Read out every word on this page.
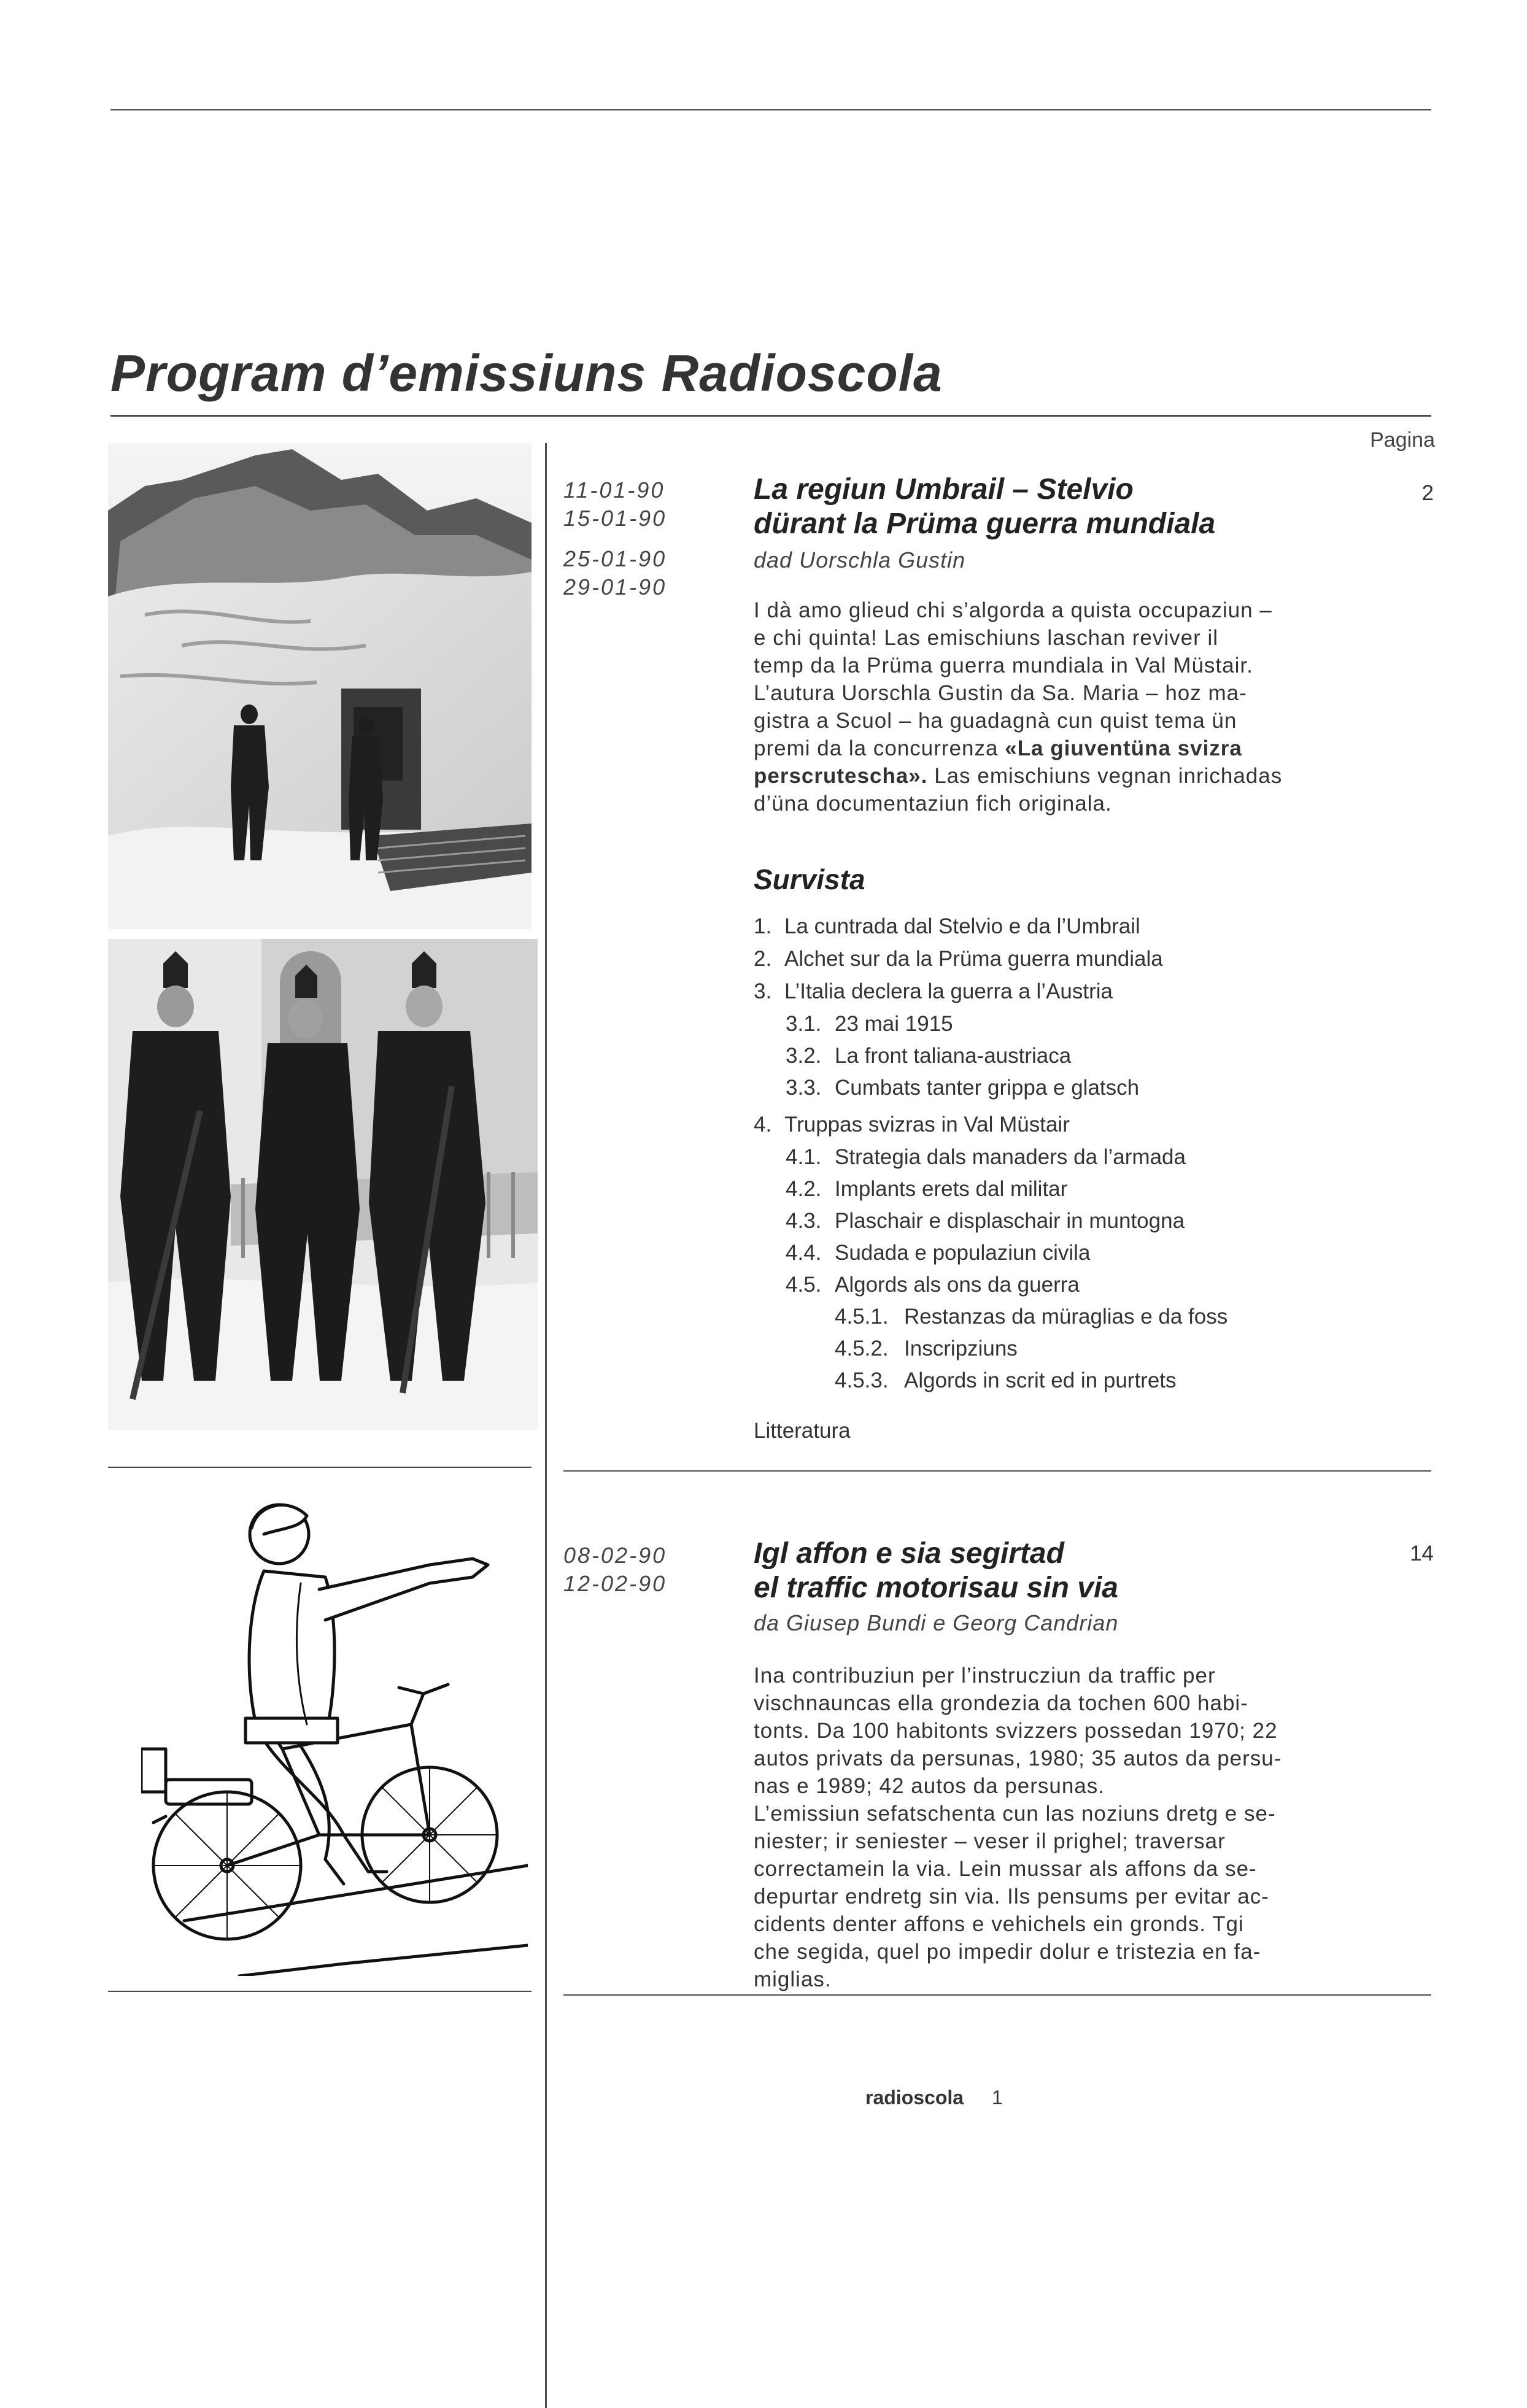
Program d’emissiuns Radioscola
Pagina
11-01-90
15-01-90
25-01-90
29-01-90
La regiun Umbrail – Stelvio
dürant la Prüma guerra mundiala
2
dad Uorschla Gustin
I dà amo glieud chi s’algorda a quista occupaziun –
e chi quinta! Las emischiuns laschan reviver il
temp da la Prüma guerra mundiala in Val Müstair.
L’autura Uorschla Gustin da Sa. Maria – hoz ma-
gistra a Scuol – ha guadagnà cun quist tema ün
premi da la concurrenza «La giuventüna svizra
perscrutescha». Las emischiuns vegnan inrichadas
d’üna documentaziun fich originala.
Survista
1. La cuntrada dal Stelvio e da l’Umbrail
2. Alchet sur da la Prüma guerra mundiala
3. L’Italia declera la guerra a l’Austria
3.1. 23 mai 1915
3.2. La front taliana-austriaca
3.3. Cumbats tanter grippa e glatsch
4. Truppas svizras in Val Müstair
4.1. Strategia dals manaders da l’armada
4.2. Implants erets dal militar
4.3. Plaschair e displaschair in muntogna
4.4. Sudada e populaziun civila
4.5. Algords als ons da guerra
4.5.1. Restanzas da müraglias e da foss
4.5.2. Inscripziuns
4.5.3. Algords in scrit ed in purtrets
Litteratura
08-02-90
12-02-90
Igl affon e sia segirtad
el traffic motorisau sin via
14
da Giusep Bundi e Georg Candrian
Ina contribuziun per l’instrucziun da traffic per
vischnauncas ella grondezia da tochen 600 habi-
tonts. Da 100 habitonts svizzers possedan 1970; 22
autos privats da persunas, 1980; 35 autos da persu-
nas e 1989; 42 autos da persunas.
L’emissiun sefatschenta cun las noziuns dretg e se-
niester; ir seniester – veser il prighel; traversar
correctamein la via. Lein mussar als affons da se-
depurtar endretg sin via. Ils pensums per evitar ac-
cidents denter affons e vehichels ein gronds. Tgi
che segida, quel po impedir dolur e tristezia en fa-
miglias.
radioscola 1
